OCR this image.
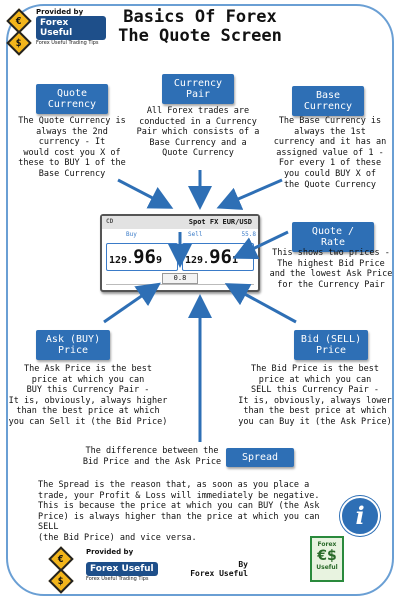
Basics Of Forex
The Quote Screen
Provided by
Forex Useful
Forex Useful Trading Tips
€
$
Base
Currency
The Base Currency is
always the 1st
currency and it has an
assigned value of 1 -
For every 1 of these
you could BUY X of
the Quote Currency
Currency
Pair
All Forex trades are
conducted in a Currency
Pair which consists of a
Base Currency and a
Quote Currency
Quote
Currency
The Quote Currency is
always the 2nd
currency - It
would cost you X of
these to BUY 1 of the
Base Currency
Quote / Rate
This shows two prices -
The highest Bid Price
and the lowest Ask Price
for the Currency Pair
CD	Spot FX EUR/USD
55.8
Sell
Buy
129.961
129.969
0.8
Bid (SELL)
Price
The Bid Price is the best
price at which you can
SELL this Currency Pair -
It is, obviously, always lower
than the best price at which
you can Buy it (the Ask Price)
Ask (BUY)
Price
The Ask Price is the best
price at which you can
BUY this Currency Pair -
It is, obviously, always higher
than the best price at which
you can Sell it (the Bid Price)
Spread
The difference between the
Bid Price and the Ask Price
The Spread is the reason that, as soon as you place a
trade, your Profit & Loss will immediately be negative.
This is because the price at which you can BUY (the Ask
Price) is always higher than the price at which you can SELL
(the Bid Price) and vice versa.
i
Provided by
Forex Useful
Forex Useful Trading Tips
€
$
By
Forex Useful
Forex
€$
Useful
